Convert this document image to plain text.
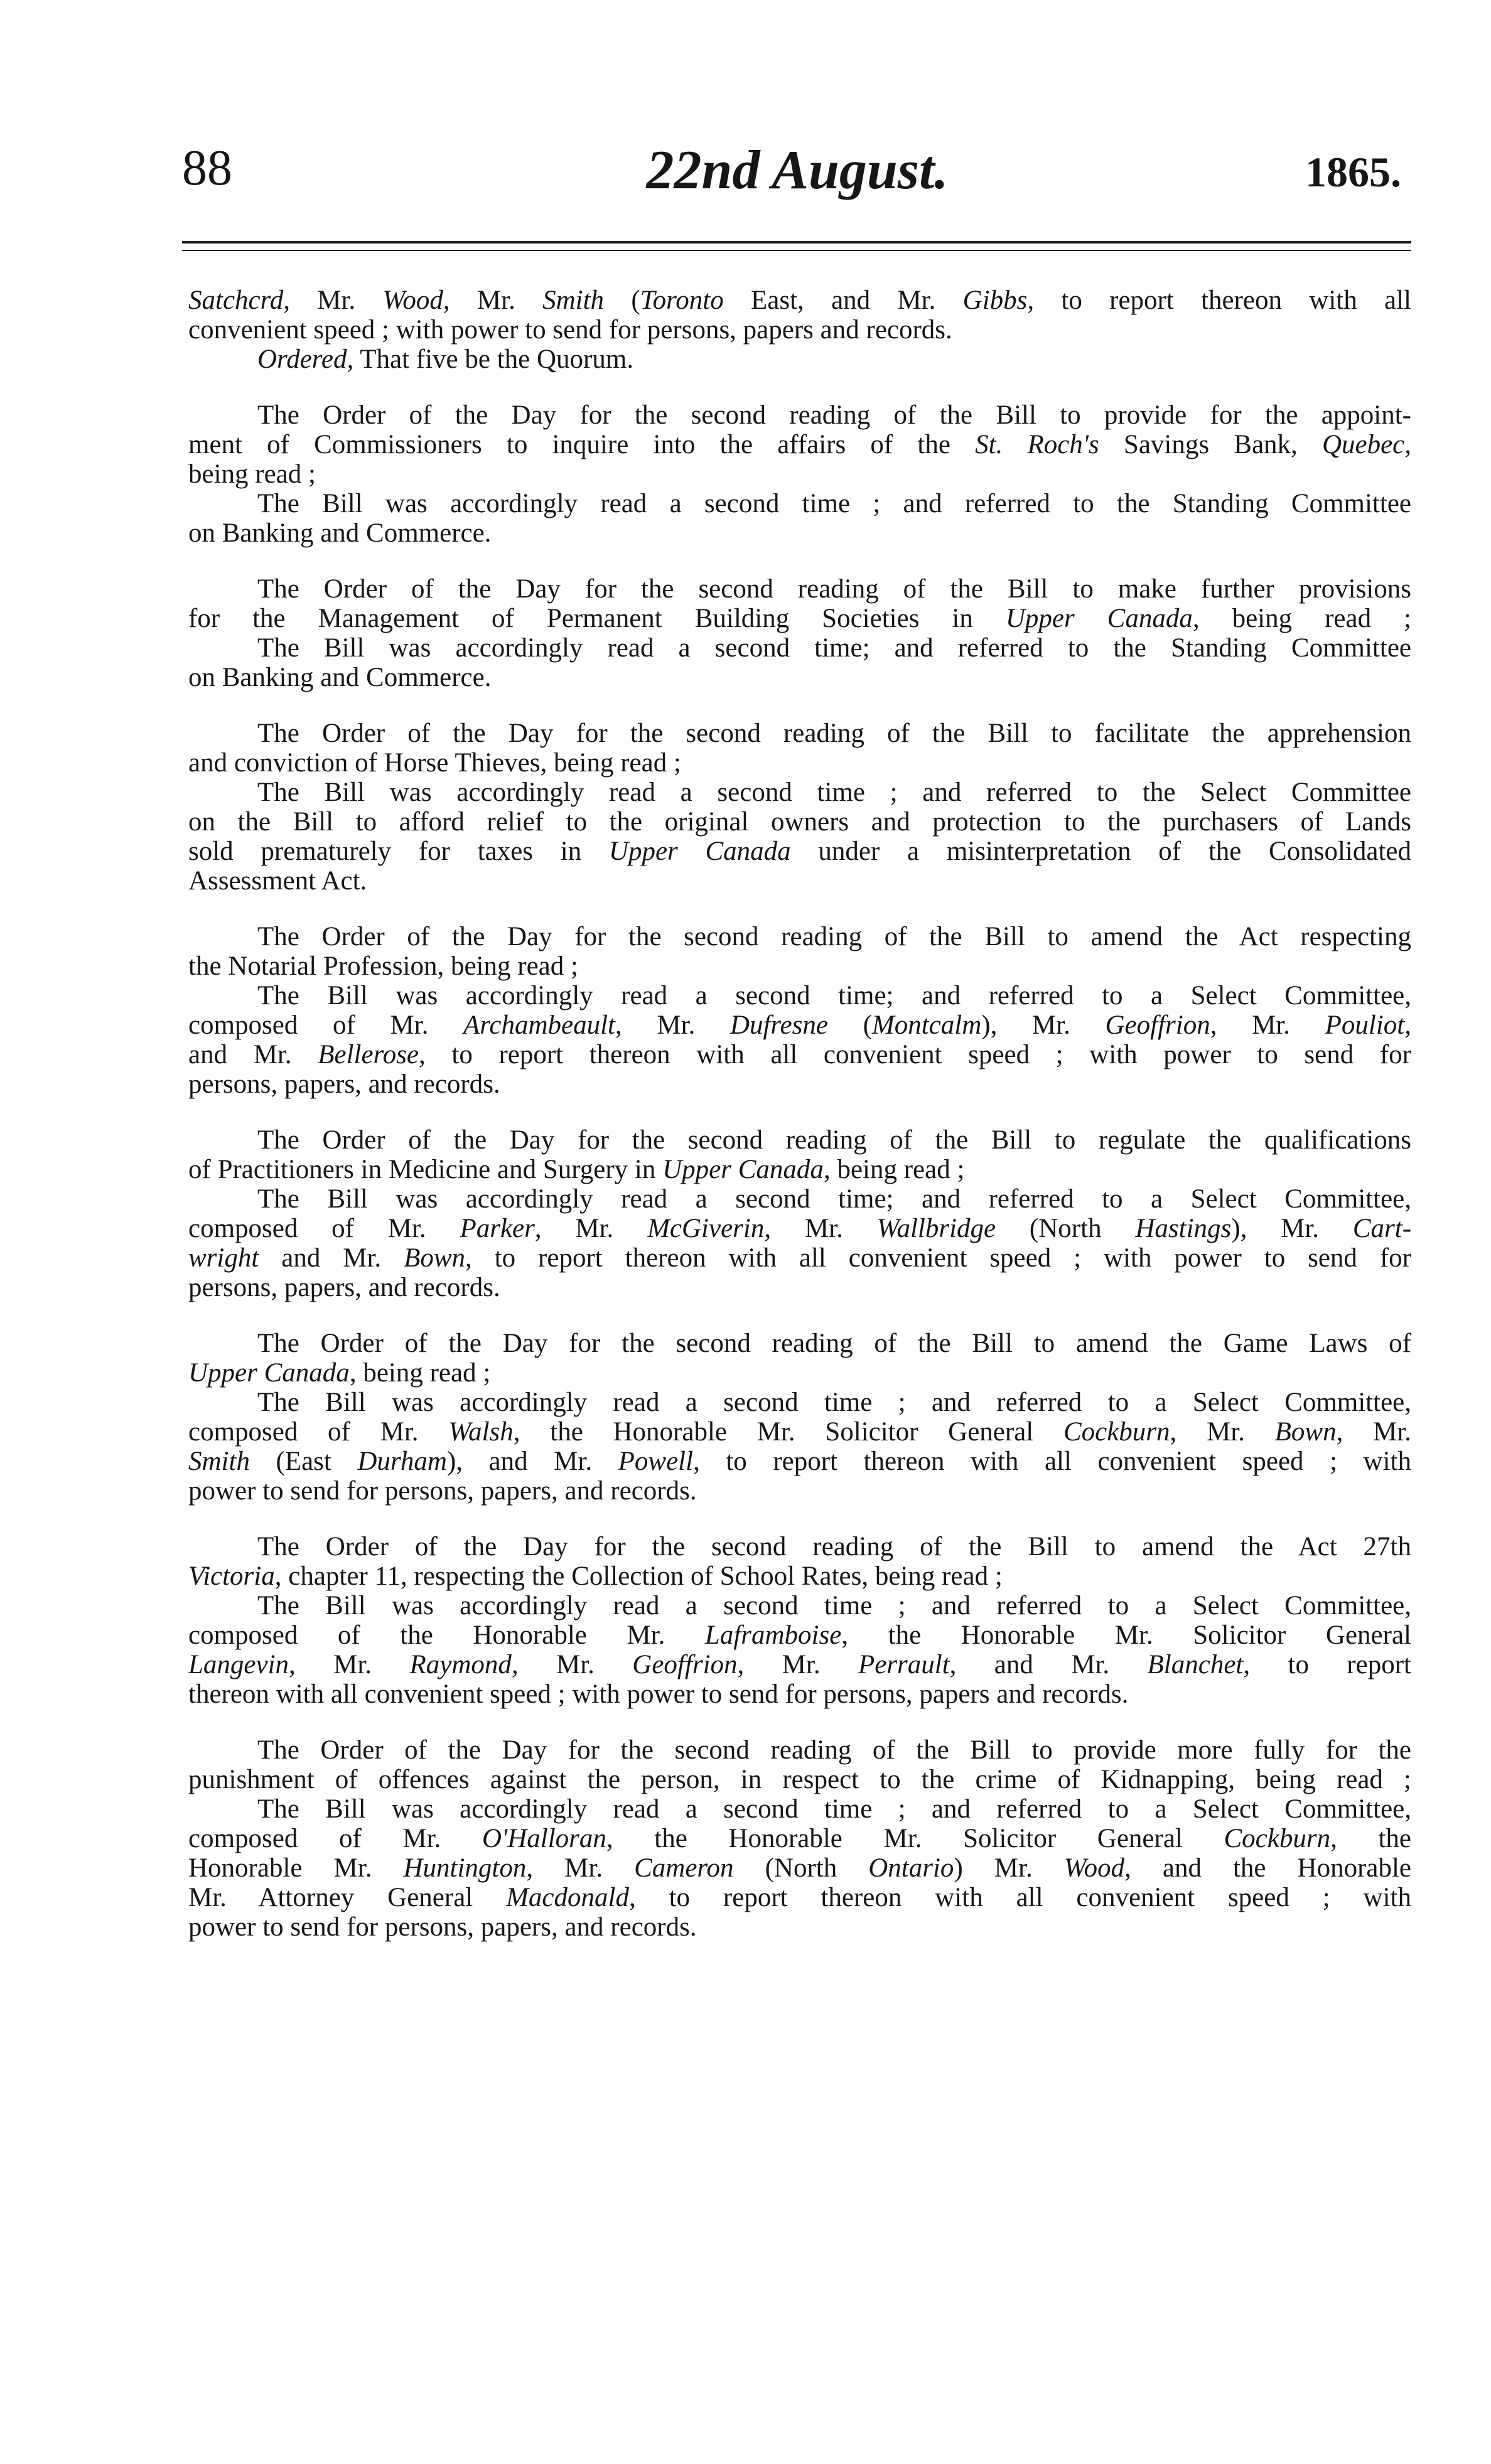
88	22nd August.	1865.
Satchcrd, Mr. Wood, Mr. Smith (Toronto East, and Mr. Gibbs, to report thereon with all
convenient speed ; with power to send for persons, papers and records.
Ordered, That five be the Quorum.
The Order of the Day for the second reading of the Bill to provide for the appoint-
ment of Commissioners to inquire into the affairs of the St. Roch's Savings Bank, Quebec,
being read ;
The Bill was accordingly read a second time ; and referred to the Standing Committee
on Banking and Commerce.
The Order of the Day for the second reading of the Bill to make further provisions
for the Management of Permanent Building Societies in Upper Canada, being read ;
The Bill was accordingly read a second time; and referred to the Standing Committee
on Banking and Commerce.
The Order of the Day for the second reading of the Bill to facilitate the apprehension
and conviction of Horse Thieves, being read ;
The Bill was accordingly read a second time ; and referred to the Select Committee
on the Bill to afford relief to the original owners and protection to the purchasers of Lands
sold prematurely for taxes in Upper Canada under a misinterpretation of the Consolidated
Assessment Act.
The Order of the Day for the second reading of the Bill to amend the Act respecting
the Notarial Profession, being read ;
The Bill was accordingly read a second time; and referred to a Select Committee,
composed of Mr. Archambeault, Mr. Dufresne (Montcalm), Mr. Geoffrion, Mr. Pouliot,
and Mr. Bellerose, to report thereon with all convenient speed ; with power to send for
persons, papers, and records.
The Order of the Day for the second reading of the Bill to regulate the qualifications
of Practitioners in Medicine and Surgery in Upper Canada, being read ;
The Bill was accordingly read a second time; and referred to a Select Committee,
composed of Mr. Parker, Mr. McGiverin, Mr. Wallbridge (North Hastings), Mr. Cart-
wright and Mr. Bown, to report thereon with all convenient speed ; with power to send for
persons, papers, and records.
The Order of the Day for the second reading of the Bill to amend the Game Laws of
Upper Canada, being read ;
The Bill was accordingly read a second time ; and referred to a Select Committee,
composed of Mr. Walsh, the Honorable Mr. Solicitor General Cockburn, Mr. Bown, Mr.
Smith (East Durham), and Mr. Powell, to report thereon with all convenient speed ; with
power to send for persons, papers, and records.
The Order of the Day for the second reading of the Bill to amend the Act 27th
Victoria, chapter 11, respecting the Collection of School Rates, being read ;
The Bill was accordingly read a second time ; and referred to a Select Committee,
composed of the Honorable Mr. Laframboise, the Honorable Mr. Solicitor General
Langevin, Mr. Raymond, Mr. Geoffrion, Mr. Perrault, and Mr. Blanchet, to report
thereon with all convenient speed ; with power to send for persons, papers and records.
The Order of the Day for the second reading of the Bill to provide more fully for the
punishment of offences against the person, in respect to the crime of Kidnapping, being read ;
The Bill was accordingly read a second time ; and referred to a Select Committee,
composed of Mr. O'Halloran, the Honorable Mr. Solicitor General Cockburn, the
Honorable Mr. Huntington, Mr. Cameron (North Ontario) Mr. Wood, and the Honorable
Mr. Attorney General Macdonald, to report thereon with all convenient speed ; with
power to send for persons, papers, and records.
